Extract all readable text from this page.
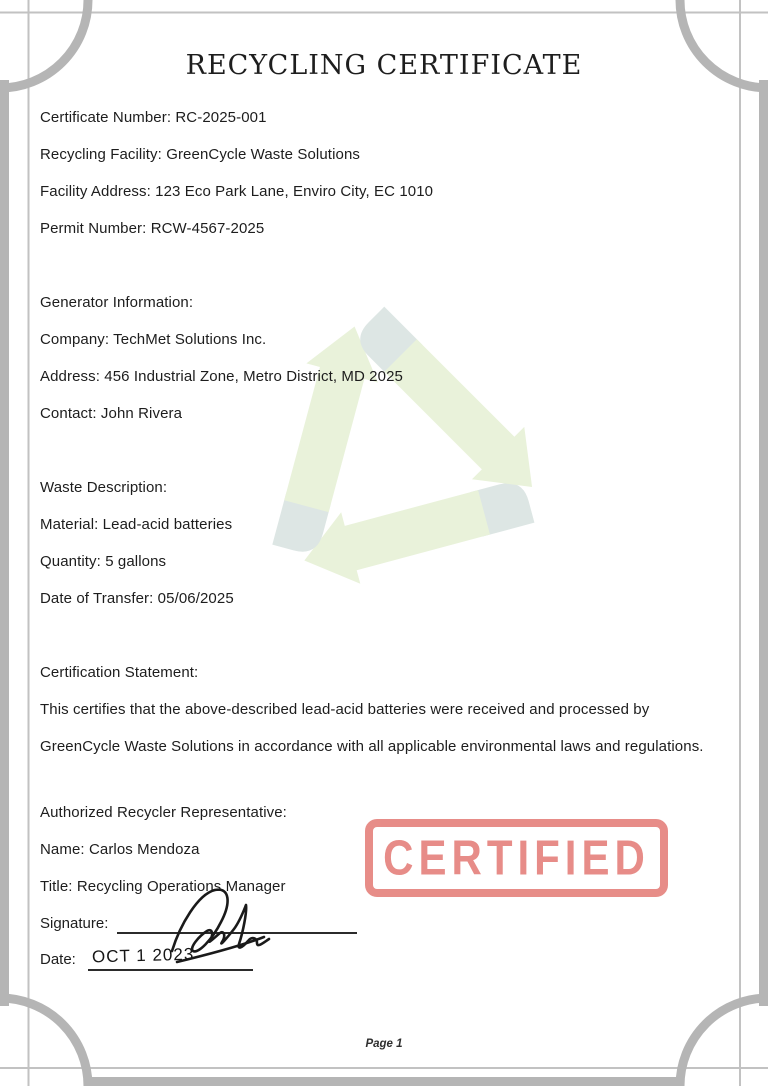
RECYCLING CERTIFICATE
Certificate Number: RC-2025-001
Recycling Facility: GreenCycle Waste Solutions
Facility Address: 123 Eco Park Lane, Enviro City, EC 1010
Permit Number: RCW-4567-2025
Generator Information:
Company: TechMet Solutions Inc.
Address: 456 Industrial Zone, Metro District, MD 2025
Contact: John Rivera
Waste Description:
Material: Lead-acid batteries
Quantity: 5 gallons
Date of Transfer: 05/06/2025
Certification Statement:
This certifies that the above-described lead-acid batteries were received and processed by
GreenCycle Waste Solutions in accordance with all applicable environmental laws and regulations.
Authorized Recycler Representative:
Name: Carlos Mendoza
Title: Recycling Operations Manager
Signature:
Date: OCT 1 2023
CERTIFIED
Page 1
